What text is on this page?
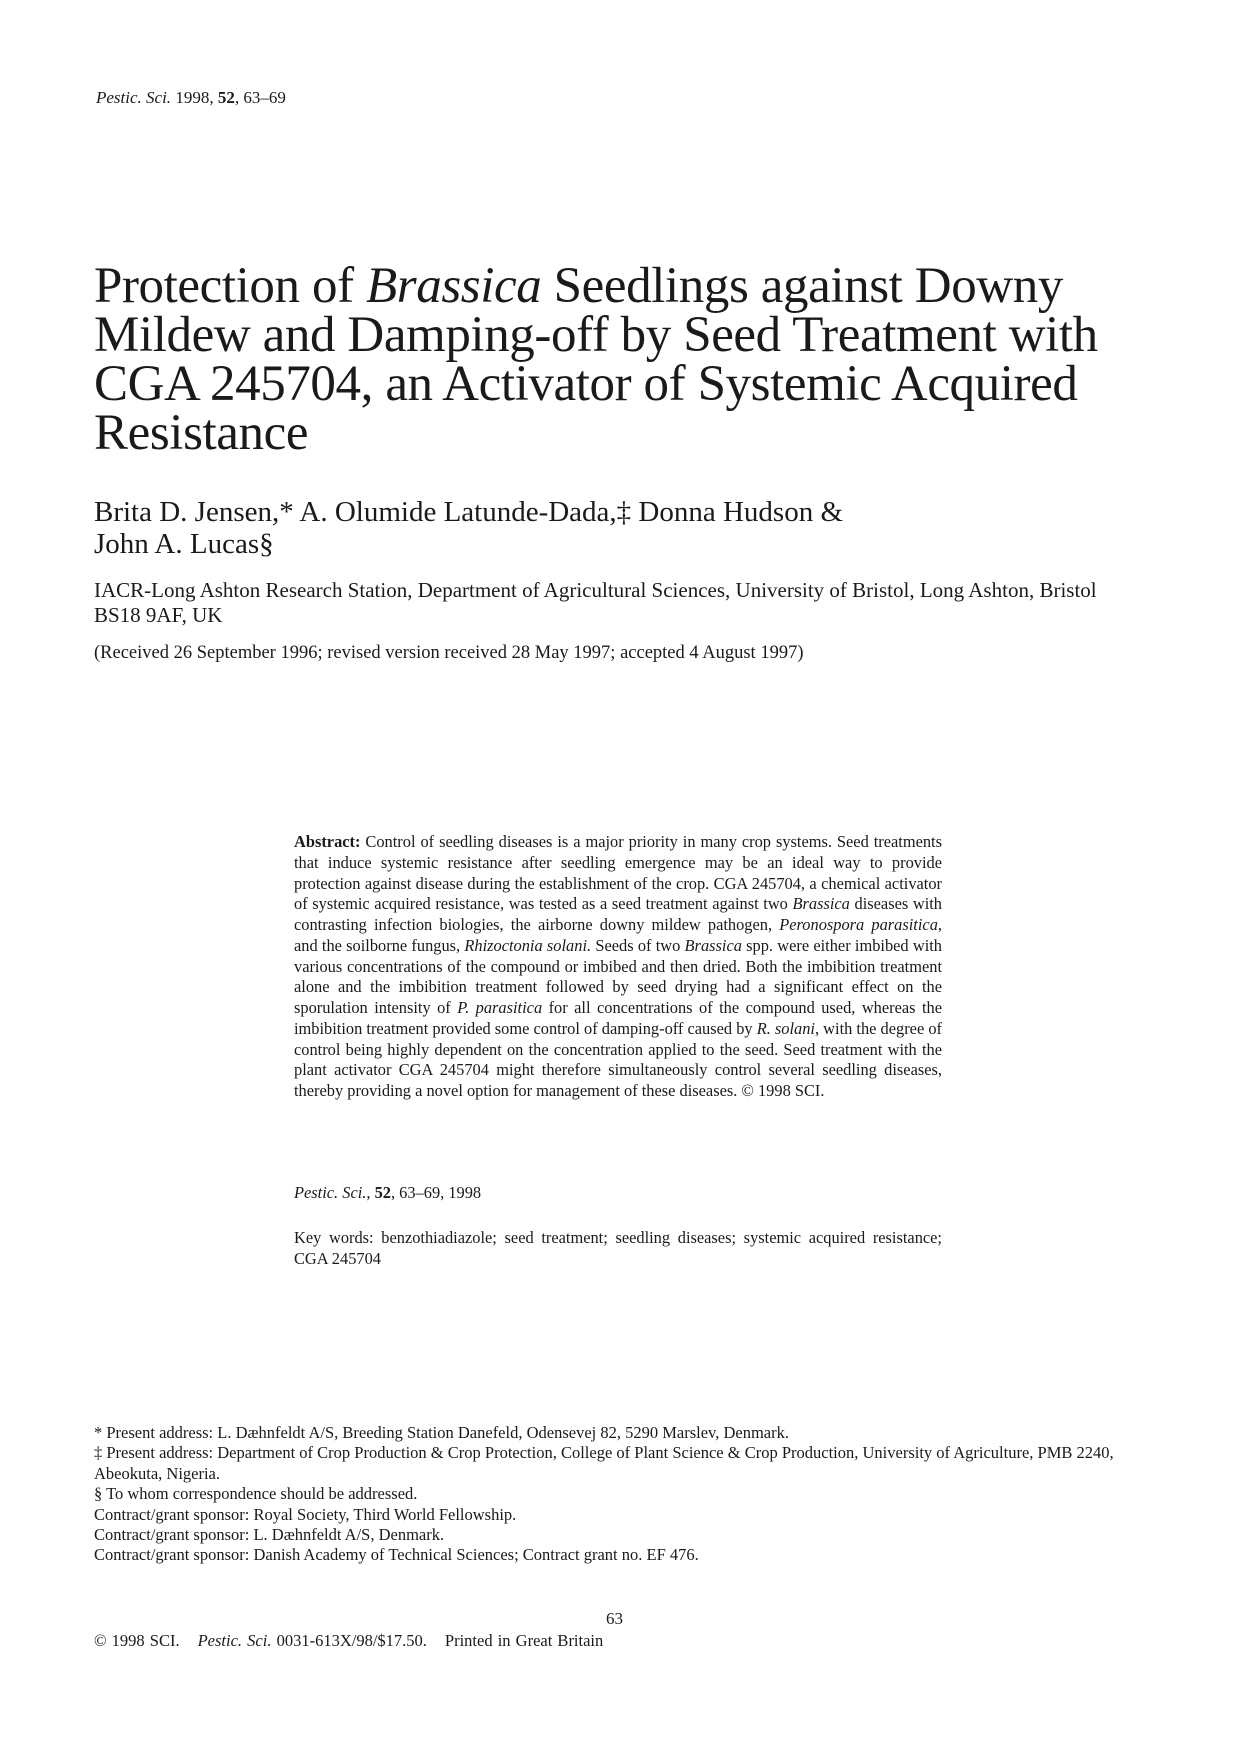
Pestic. Sci. 1998, 52, 63–69
Protection of Brassica Seedlings against Downy Mildew and Damping-off by Seed Treatment with CGA 245704, an Activator of Systemic Acquired Resistance
Brita D. Jensen,* A. Olumide Latunde-Dada,‡ Donna Hudson &
John A. Lucas§
IACR-Long Ashton Research Station, Department of Agricultural Sciences, University of Bristol, Long Ashton, Bristol BS18 9AF, UK
(Received 26 September 1996; revised version received 28 May 1997; accepted 4 August 1997)
Abstract: Control of seedling diseases is a major priority in many crop systems. Seed treatments that induce systemic resistance after seedling emergence may be an ideal way to provide protection against disease during the establishment of the crop. CGA 245704, a chemical activator of systemic acquired resistance, was tested as a seed treatment against two Brassica diseases with contrasting infection biologies, the airborne downy mildew pathogen, Peronospora parasitica, and the soilborne fungus, Rhizoctonia solani. Seeds of two Brassica spp. were either imbibed with various concentrations of the compound or imbibed and then dried. Both the imbibition treatment alone and the imbibition treatment followed by seed drying had a significant effect on the sporulation intensity of P. parasitica for all concentrations of the compound used, whereas the imbibition treatment provided some control of damping-off caused by R. solani, with the degree of control being highly dependent on the concentration applied to the seed. Seed treatment with the plant activator CGA 245704 might therefore simultaneously control several seedling diseases, thereby providing a novel option for management of these diseases. © 1998 SCI.
Pestic. Sci., 52, 63–69, 1998
Key words: benzothiadiazole; seed treatment; seedling diseases; systemic acquired resistance; CGA 245704
* Present address: L. Dæhnfeldt A/S, Breeding Station Danefeld, Odensevej 82, 5290 Marslev, Denmark.
‡ Present address: Department of Crop Production & Crop Protection, College of Plant Science & Crop Production, University of Agriculture, PMB 2240, Abeokuta, Nigeria.
§ To whom correspondence should be addressed.
Contract/grant sponsor: Royal Society, Third World Fellowship.
Contract/grant sponsor: L. Dæhnfeldt A/S, Denmark.
Contract/grant sponsor: Danish Academy of Technical Sciences; Contract grant no. EF 476.
63
© 1998 SCI. Pestic. Sci. 0031-613X/98/$17.50. Printed in Great Britain
